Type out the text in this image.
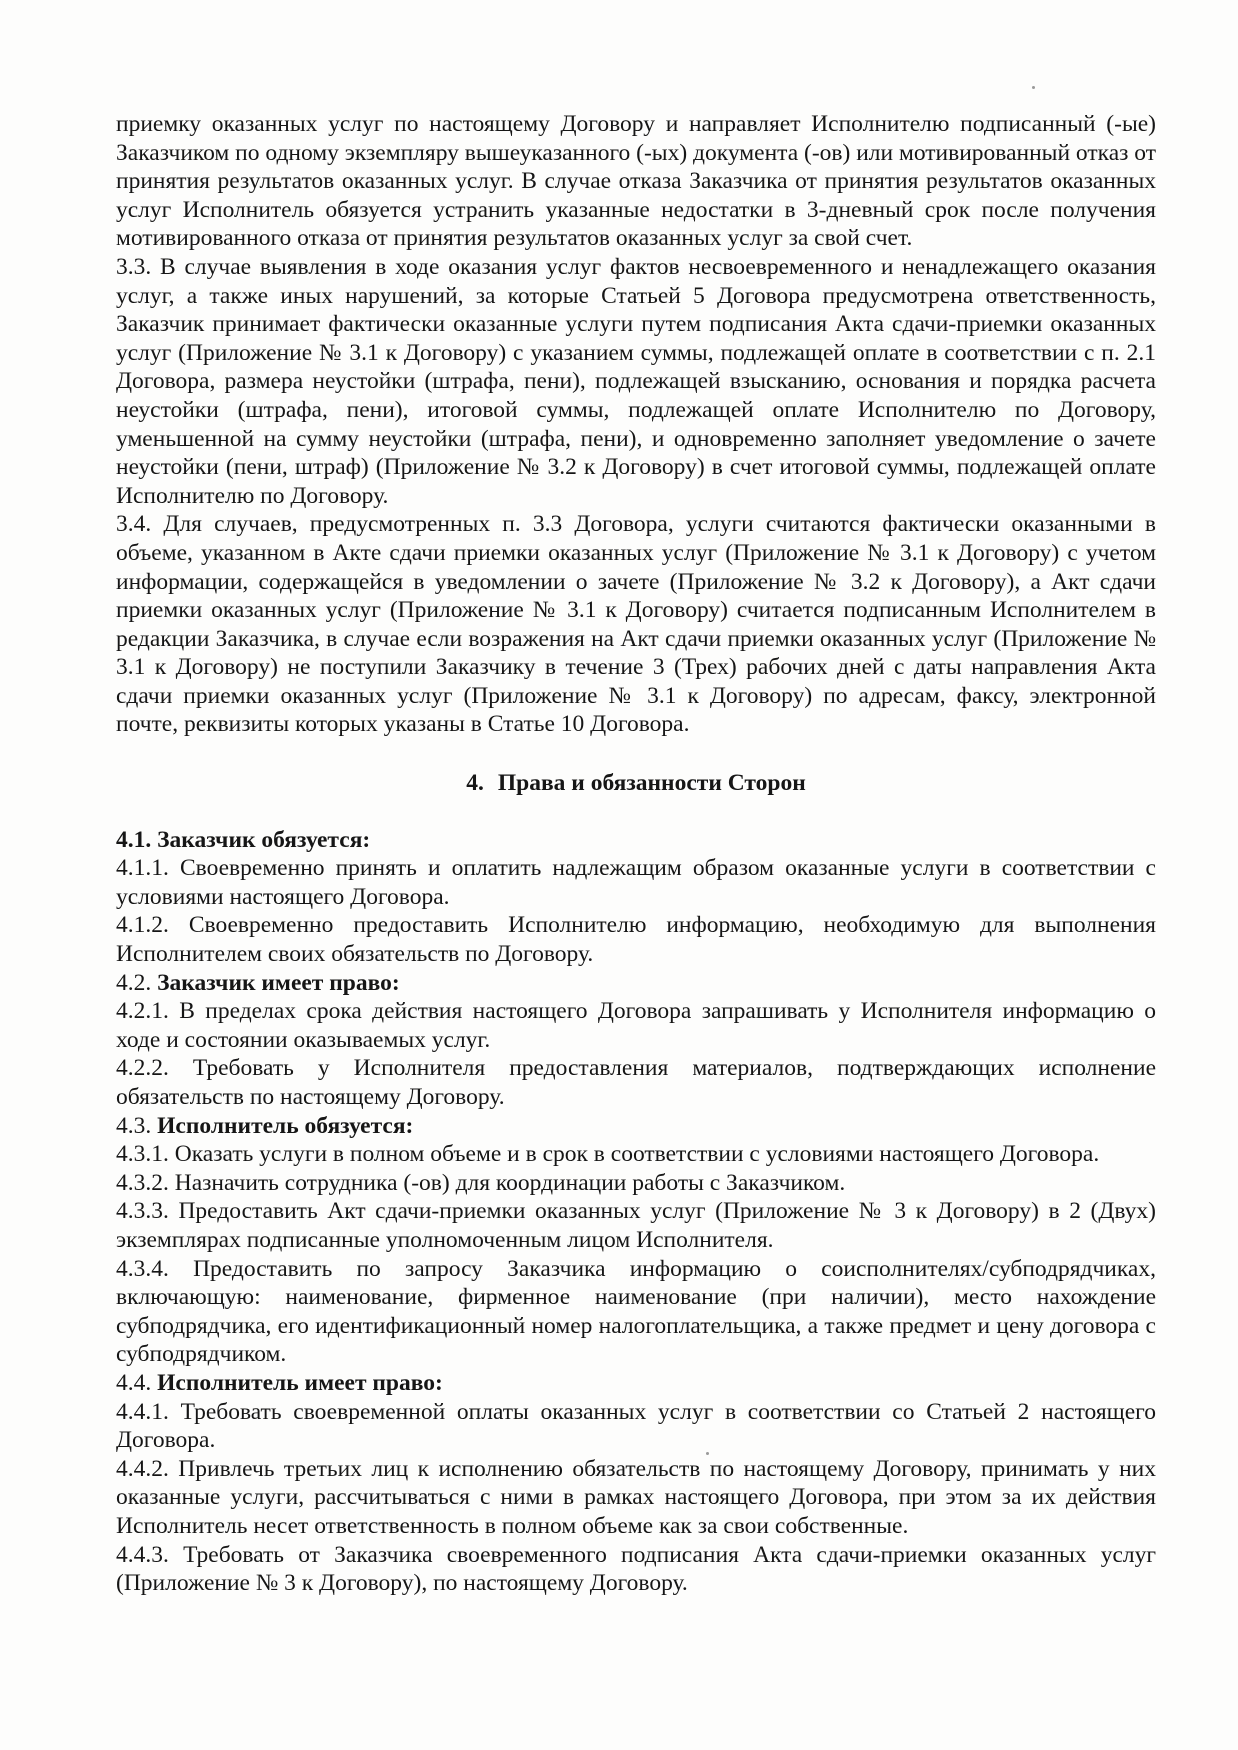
приемку оказанных услуг по настоящему Договору и направляет Исполнителю подписанный (-ые) Заказчиком по одному экземпляру вышеуказанного (-ых) документа (-ов) или мотивированный отказ от принятия результатов оказанных услуг. В случае отказа Заказчика от принятия результатов оказанных услуг Исполнитель обязуется устранить указанные недостатки в 3-дневный срок после получения мотивированного отказа от принятия результатов оказанных услуг за свой счет.

3.3. В случае выявления в ходе оказания услуг фактов несвоевременного и ненадлежащего оказания услуг, а также иных нарушений, за которые Статьей 5 Договора предусмотрена ответственность, Заказчик принимает фактически оказанные услуги путем подписания Акта сдачи-приемки оказанных услуг (Приложение № 3.1 к Договору) с указанием суммы, подлежащей оплате в соответствии с п. 2.1 Договора, размера неустойки (штрафа, пени), подлежащей взысканию, основания и порядка расчета неустойки (штрафа, пени), итоговой суммы, подлежащей оплате Исполнителю по Договору, уменьшенной на сумму неустойки (штрафа, пени), и одновременно заполняет уведомление о зачете неустойки (пени, штраф) (Приложение № 3.2 к Договору) в счет итоговой суммы, подлежащей оплате Исполнителю по Договору.

3.4. Для случаев, предусмотренных п. 3.3 Договора, услуги считаются фактически оказанными в объеме, указанном в Акте сдачи приемки оказанных услуг (Приложение № 3.1 к Договору) с учетом информации, содержащейся в уведомлении о зачете (Приложение № 3.2 к Договору), а Акт сдачи приемки оказанных услуг (Приложение № 3.1 к Договору) считается подписанным Исполнителем в редакции Заказчика, в случае если возражения на Акт сдачи приемки оказанных услуг (Приложение № 3.1 к Договору) не поступили Заказчику в течение 3 (Трех) рабочих дней с даты направления Акта сдачи приемки оказанных услуг (Приложение № 3.1 к Договору) по адресам, факсу, электронной почте, реквизиты которых указаны в Статье 10 Договора.

4. Права и обязанности Сторон

4.1. Заказчик обязуется:

4.1.1. Своевременно принять и оплатить надлежащим образом оказанные услуги в соответствии с условиями настоящего Договора.

4.1.2. Своевременно предоставить Исполнителю информацию, необходимую для выполнения Исполнителем своих обязательств по Договору.

4.2. Заказчик имеет право:

4.2.1. В пределах срока действия настоящего Договора запрашивать у Исполнителя информацию о ходе и состоянии оказываемых услуг.

4.2.2. Требовать у Исполнителя предоставления материалов, подтверждающих исполнение обязательств по настоящему Договору.

4.3. Исполнитель обязуется:

4.3.1. Оказать услуги в полном объеме и в срок в соответствии с условиями настоящего Договора.

4.3.2. Назначить сотрудника (-ов) для координации работы с Заказчиком.

4.3.3. Предоставить Акт сдачи-приемки оказанных услуг (Приложение № 3 к Договору) в 2 (Двух) экземплярах подписанные уполномоченным лицом Исполнителя.

4.3.4. Предоставить по запросу Заказчика информацию о соисполнителях/субподрядчиках, включающую: наименование, фирменное наименование (при наличии), место нахождение субподрядчика, его идентификационный номер налогоплательщика, а также предмет и цену договора с субподрядчиком.

4.4. Исполнитель имеет право:

4.4.1. Требовать своевременной оплаты оказанных услуг в соответствии со Статьей 2 настоящего Договора.

4.4.2. Привлечь третьих лиц к исполнению обязательств по настоящему Договору, принимать у них оказанные услуги, рассчитываться с ними в рамках настоящего Договора, при этом за их действия Исполнитель несет ответственность в полном объеме как за свои собственные.

4.4.3. Требовать от Заказчика своевременного подписания Акта сдачи-приемки оказанных услуг (Приложение № 3 к Договору), по настоящему Договору.
